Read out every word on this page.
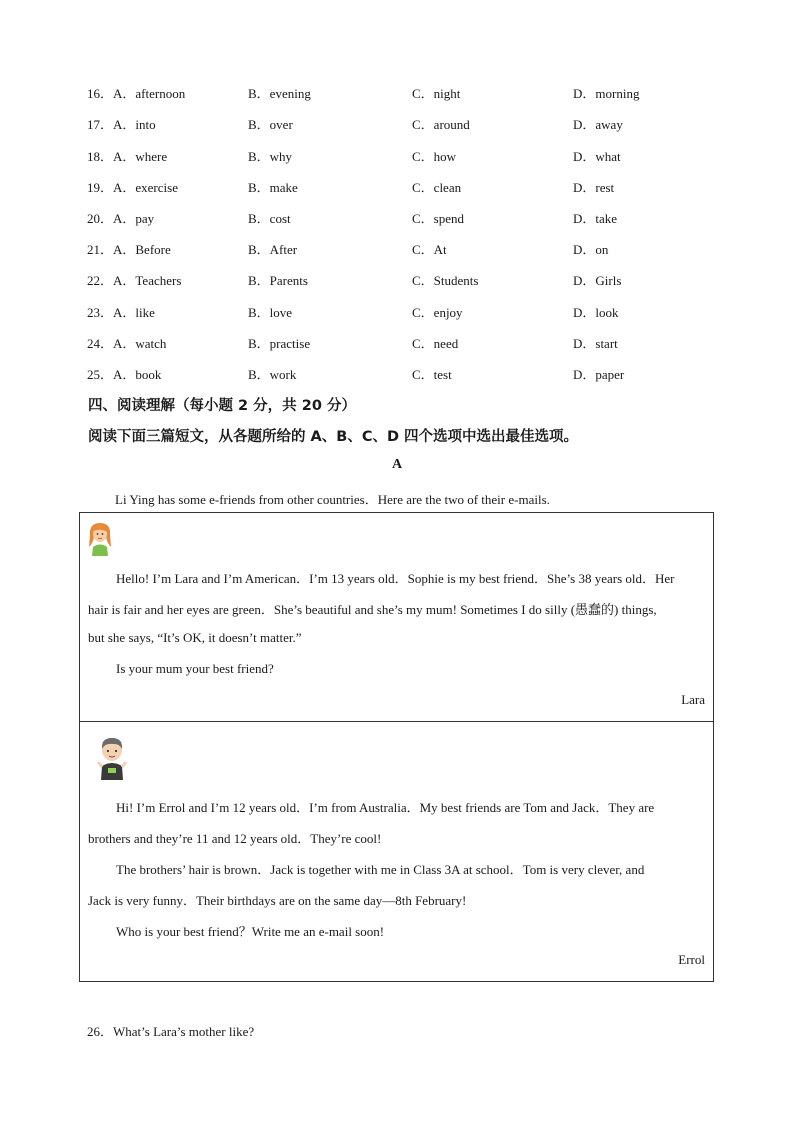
16．A．afternoon	B．evening	C．night	D．morning
17．A．into	B．over	C．around	D．away
18．A．where	B．why	C．how	D．what
19．A．exercise	B．make	C．clean	D．rest
20．A．pay	B．cost	C．spend	D．take
21．A．Before	B．After	C．At	D．on
22．A．Teachers	B．Parents	C．Students	D．Girls
23．A．like	B．love	C．enjoy	D．look
24．A．watch	B．practise	C．need	D．start
25．A．book	B．work	C．test	D．paper
四、阅读理解（每小题 2 分，共 20 分）
阅读下面三篇短文，从各题所给的 A、B、C、D 四个选项中选出最佳选项。
A
Li Ying has some e-friends from other countries．Here are the two of their e-mails.
Hello! I’m Lara and I’m American．I’m 13 years old．Sophie is my best friend．She’s 38 years old．Her
hair is fair and her eyes are green．She’s beautiful and she’s my mum! Sometimes I do silly (愚蠢的) things,
but she says, “It’s OK, it doesn’t matter.”
Is your mum your best friend?
Lara
Hi! I’m Errol and I’m 12 years old．I’m from Australia．My best friends are Tom and Jack．They are
brothers and they’re 11 and 12 years old．They’re cool!
The brothers’ hair is brown．Jack is together with me in Class 3A at school．Tom is very clever, and
Jack is very funny．Their birthdays are on the same day—8th February!
Who is your best friend？Write me an e-mail soon!
Errol
26．What’s Lara’s mother like?
